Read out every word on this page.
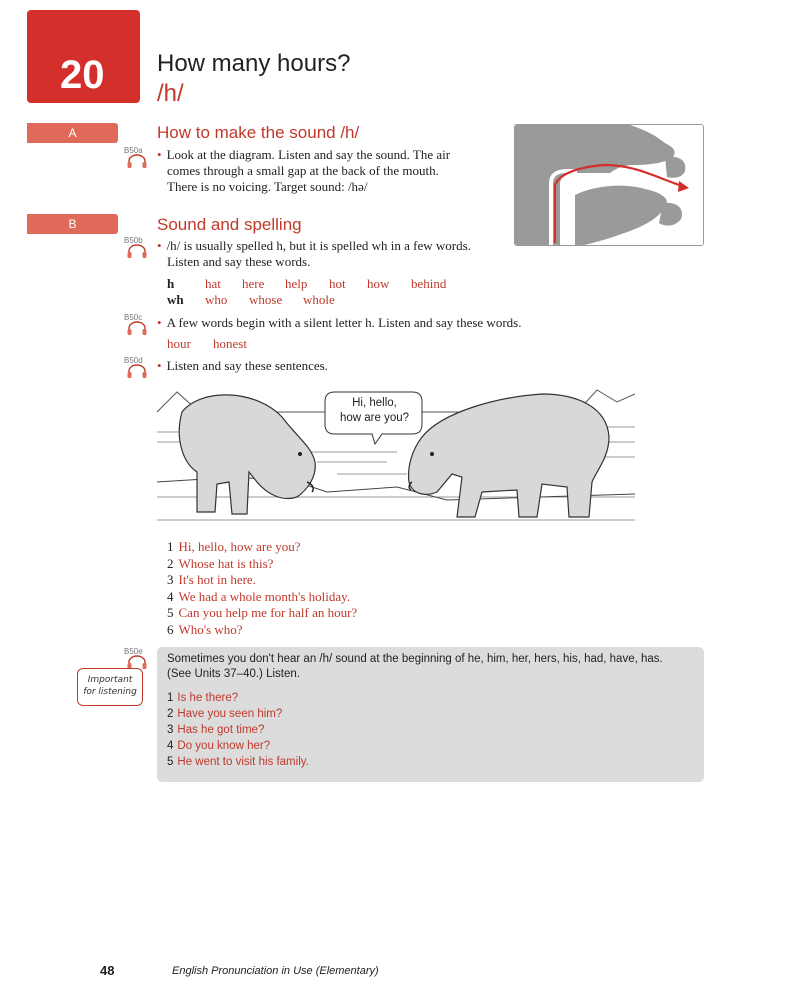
20 How many hours?
/h/
A	How to make the sound /h/
B50a • Look at the diagram. Listen and say the sound. The air
comes through a small gap at the back of the mouth.
There is no voicing. Target sound: /hə/
B	Sound and spelling
B50b • /h/ is usually spelled h, but it is spelled wh in a few words.
Listen and say these words.
h hat here help hot how behind
wh who whose whole
B50c • A few words begin with a silent letter h. Listen and say these words.
hour honest
B50d • Listen and say these sentences.
Hi, hello,
how are you?
1 Hi, hello, how are you?
2 Whose hat is this?
3 It's hot in here.
4 We had a whole month's holiday.
5 Can you help me for half an hour?
6 Who's who?
B50e
Sometimes you don't hear an /h/ sound at the beginning of he, him, her, hers, his, had, have, has.
(See Units 37–40.) Listen.
1 Is he there?
2 Have you seen him?
3 Has he got time?
4 Do you know her?
5 He went to visit his family.
Important
for listening
48	English Pronunciation in Use (Elementary)
